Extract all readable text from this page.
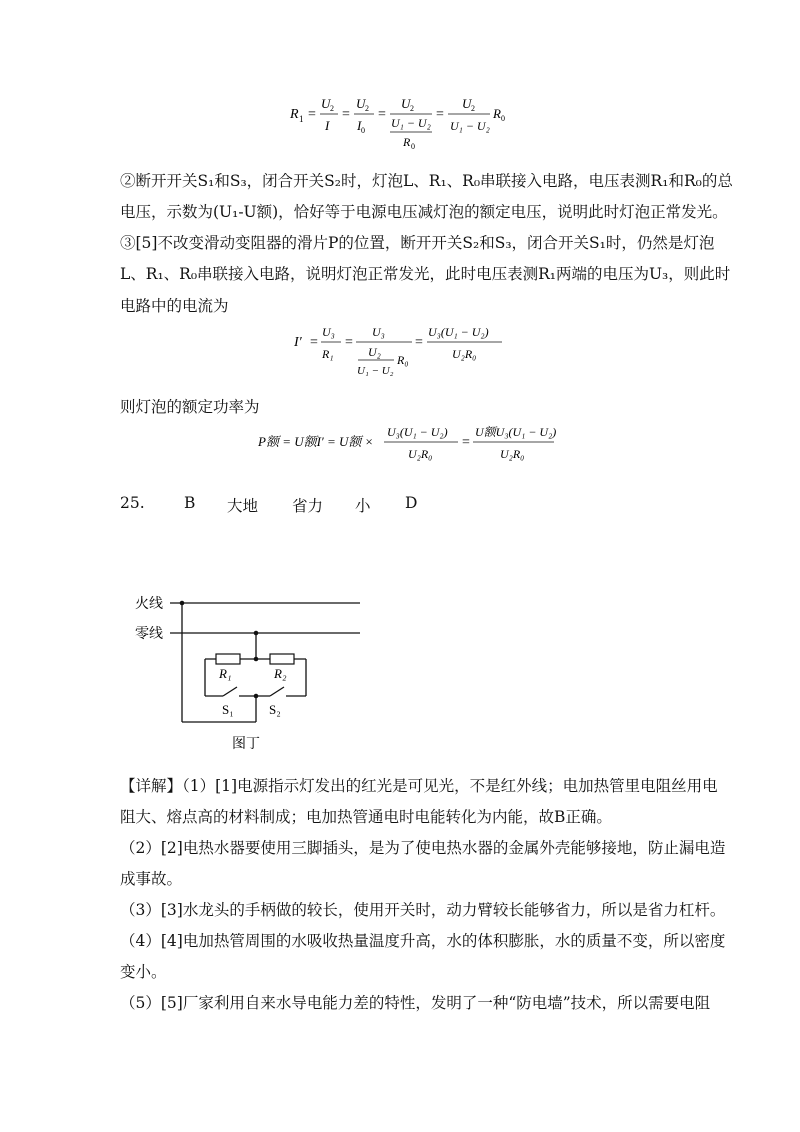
R 1 =
U 2
I
=
U 2
I 0
=
U 2
U₁ − U₂
R 0
=
U 2
U₁ − U₂
R 0
②断开开关S₁和S₃，闭合开关S₂时，灯泡L、R₁、R₀串联接入电路，电压表测R₁和R₀的总
电压，示数为(U₁-U额)，恰好等于电源电压减灯泡的额定电压，说明此时灯泡正常发光。
③[5]不改变滑动变阻器的滑片P的位置，断开开关S₂和S₃，闭合开关S₁时，仍然是灯泡
L、R₁、R₀串联接入电路，说明灯泡正常发光，此时电压表测R₁两端的电压为U₃，则此时
电路中的电流为
I′ =
U₃
R₁
=
U₃
U₂
U₁ − U₂
R₀
=
U₃(U₁ − U₂)
U₂R₀
则灯泡的额定功率为
P额 = U额I′ = U额 ×
U₃(U₁ − U₂)
U₂R₀
=
U额U₃(U₁ − U₂)
U₂R₀
25.	B 大地 省力 小 D
火线
零线
R₁	R₂
S₁	S₂
图丁

【详解】（1）[1]电源指示灯发出的红光是可见光，不是红外线；电加热管里电阻丝用电

阻大、熔点高的材料制成；电加热管通电时电能转化为内能，故B正确。

（2）[2]电热水器要使用三脚插头，是为了使电热水器的金属外壳能够接地，防止漏电造

成事故。

（3）[3]水龙头的手柄做的较长，使用开关时，动力臂较长能够省力，所以是省力杠杆。

（4）[4]电加热管周围的水吸收热量温度升高，水的体积膨胀，水的质量不变，所以密度

变小。

（5）[5]厂家利用自来水导电能力差的特性，发明了一种“防电墙”技术，所以需要电阻
